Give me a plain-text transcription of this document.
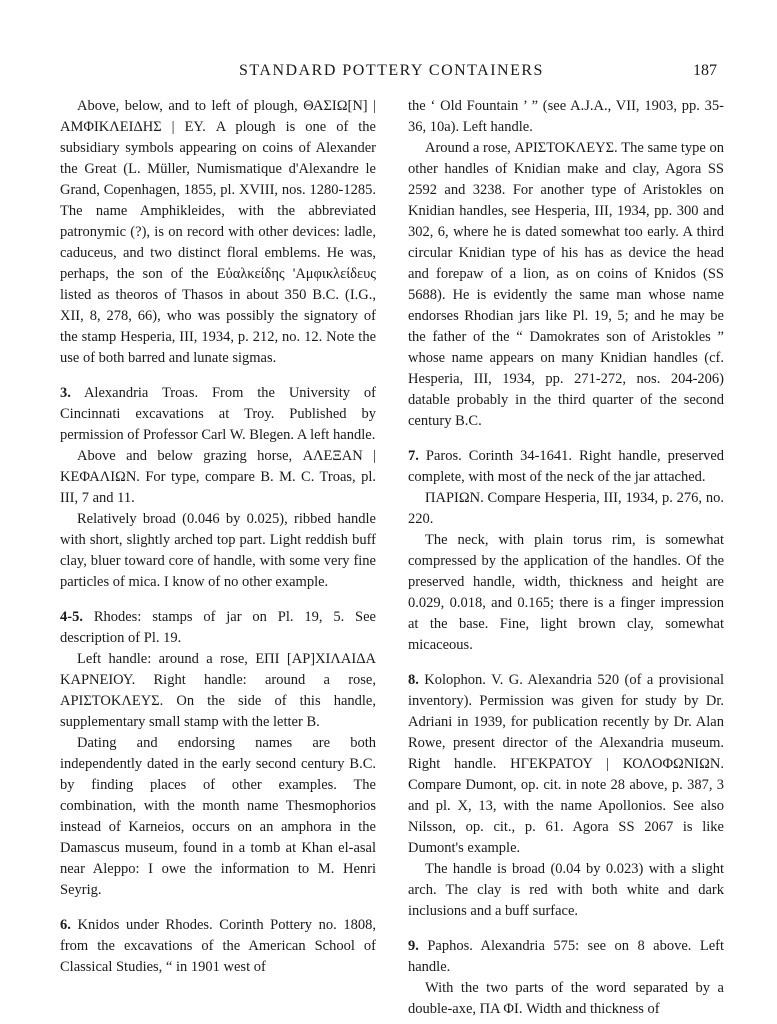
STANDARD POTTERY CONTAINERS	187

Above, below, and to left of plough, ΘΑΣΙΩ[Ν] | ΑΜΦΙΚΛΕΙΔΗΣ | ΕΥ. A plough is one of the subsidiary symbols appearing on coins of Alexander the Great (L. Müller, Numismatique d'Alexandre le Grand, Copenhagen, 1855, pl. XVIII, nos. 1280-1285. The name Amphikleides, with the abbreviated patronymic (?), is on record with other devices: ladle, caduceus, and two distinct floral emblems. He was, perhaps, the son of the Εὐαλκείδης 'Αμφικλείδευς listed as theoros of Thasos in about 350 B.C. (I.G., XII, 8, 278, 66), who was possibly the signatory of the stamp Hesperia, III, 1934, p. 212, no. 12. Note the use of both barred and lunate sigmas.

3. Alexandria Troas. From the University of Cincinnati excavations at Troy. Published by permission of Professor Carl W. Blegen. A left handle.

Above and below grazing horse, ΑΛΕΞΑΝ | ΚΕΦΑΛΙΩΝ. For type, compare B. M. C. Troas, pl. III, 7 and 11.

Relatively broad (0.046 by 0.025), ribbed handle with short, slightly arched top part. Light reddish buff clay, bluer toward core of handle, with some very fine particles of mica. I know of no other example.

4-5. Rhodes: stamps of jar on Pl. 19, 5. See description of Pl. 19.

Left handle: around a rose, ΕΠΙ [ΑΡ]ΧΙΛΑΙΔΑ ΚΑΡΝΕΙΟΥ. Right handle: around a rose, ΑΡΙΣΤΟΚΛΕΥΣ. On the side of this handle, supplementary small stamp with the letter B.

Dating and endorsing names are both independently dated in the early second century B.C. by finding places of other examples. The combination, with the month name Thesmophorios instead of Karneios, occurs on an amphora in the Damascus museum, found in a tomb at Khan el-asal near Aleppo: I owe the information to M. Henri Seyrig.

6. Knidos under Rhodes. Corinth Pottery no. 1808, from the excavations of the American School of Classical Studies, “ in 1901 west of

the ‘ Old Fountain ’ ” (see A.J.A., VII, 1903, pp. 35-36, 10a). Left handle.

Around a rose, ΑΡΙΣΤΟΚΛΕΥΣ. The same type on other handles of Knidian make and clay, Agora SS 2592 and 3238. For another type of Aristokles on Knidian handles, see Hesperia, III, 1934, pp. 300 and 302, 6, where he is dated somewhat too early. A third circular Knidian type of his has as device the head and forepaw of a lion, as on coins of Knidos (SS 5688). He is evidently the same man whose name endorses Rhodian jars like Pl. 19, 5; and he may be the father of the “ Damokrates son of Aristokles ” whose name appears on many Knidian handles (cf. Hesperia, III, 1934, pp. 271-272, nos. 204-206) datable probably in the third quarter of the second century B.C.

7. Paros. Corinth 34-1641. Right handle, preserved complete, with most of the neck of the jar attached.

ΠΑΡΙΩΝ. Compare Hesperia, III, 1934, p. 276, no. 220.

The neck, with plain torus rim, is somewhat compressed by the application of the handles. Of the preserved handle, width, thickness and height are 0.029, 0.018, and 0.165; there is a finger impression at the base. Fine, light brown clay, somewhat micaceous.

8. Kolophon. V. G. Alexandria 520 (of a provisional inventory). Permission was given for study by Dr. Adriani in 1939, for publication recently by Dr. Alan Rowe, present director of the Alexandria museum. Right handle. ΗΓΕΚΡΑΤΟΥ | ΚΟΛΟΦΩΝΙΩΝ. Compare Dumont, op. cit. in note 28 above, p. 387, 3 and pl. X, 13, with the name Apollonios. See also Nilsson, op. cit., p. 61. Agora SS 2067 is like Dumont's example.

The handle is broad (0.04 by 0.023) with a slight arch. The clay is red with both white and dark inclusions and a buff surface.

9. Paphos. Alexandria 575: see on 8 above. Left handle.

With the two parts of the word separated by a double-axe, ΠΑ ΦΙ. Width and thickness of
